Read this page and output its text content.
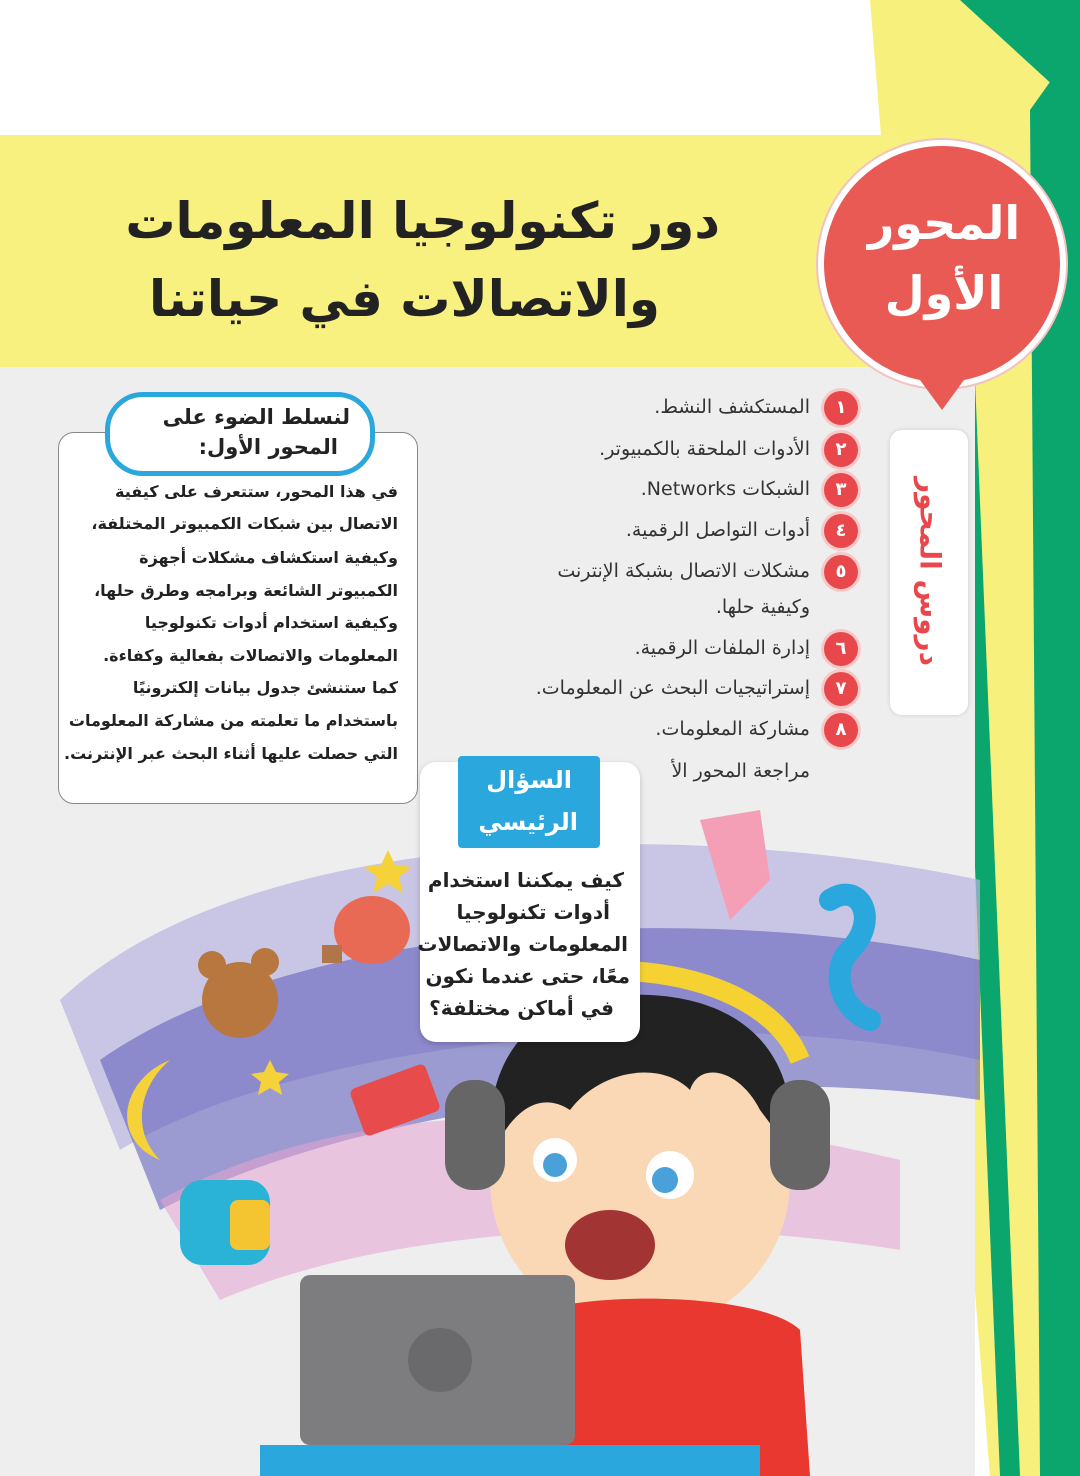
دور تكنولوجيا المعلومات
والاتصالات في حياتنا
المحور
الأول
دروس المحور
١
المستكشف النشط.
٢
الأدوات الملحقة بالكمبيوتر.
٣
الشبكات Networks.
٤
أدوات التواصل الرقمية.
٥
مشكلات الاتصال بشبكة الإنترنت
وكيفية حلها.
٦
إدارة الملفات الرقمية.
٧
إستراتيجيات البحث عن المعلومات.
٨
مشاركة المعلومات.
مراجعة المحور الأ
لنسلط الضوء على
المحور الأول:
في هذا المحور، ستتعرف على كيفية
الاتصال بين شبكات الكمبيوتر المختلفة،
وكيفية استكشاف مشكلات أجهزة
الكمبيوتر الشائعة وبرامجه وطرق حلها،
وكيفية استخدام أدوات تكنولوجيا
المعلومات والاتصالات بفعالية وكفاءة.
كما ستنشئ جدول بيانات إلكترونيًا
باستخدام ما تعلمته من مشاركة المعلومات
التي حصلت عليها أثناء البحث عبر الإنترنت.
السؤال
الرئيسي
كيف يمكننا استخدام
أدوات تكنولوجيا
المعلومات والاتصالات
معًا، حتى عندما نكون
في أماكن مختلفة؟
